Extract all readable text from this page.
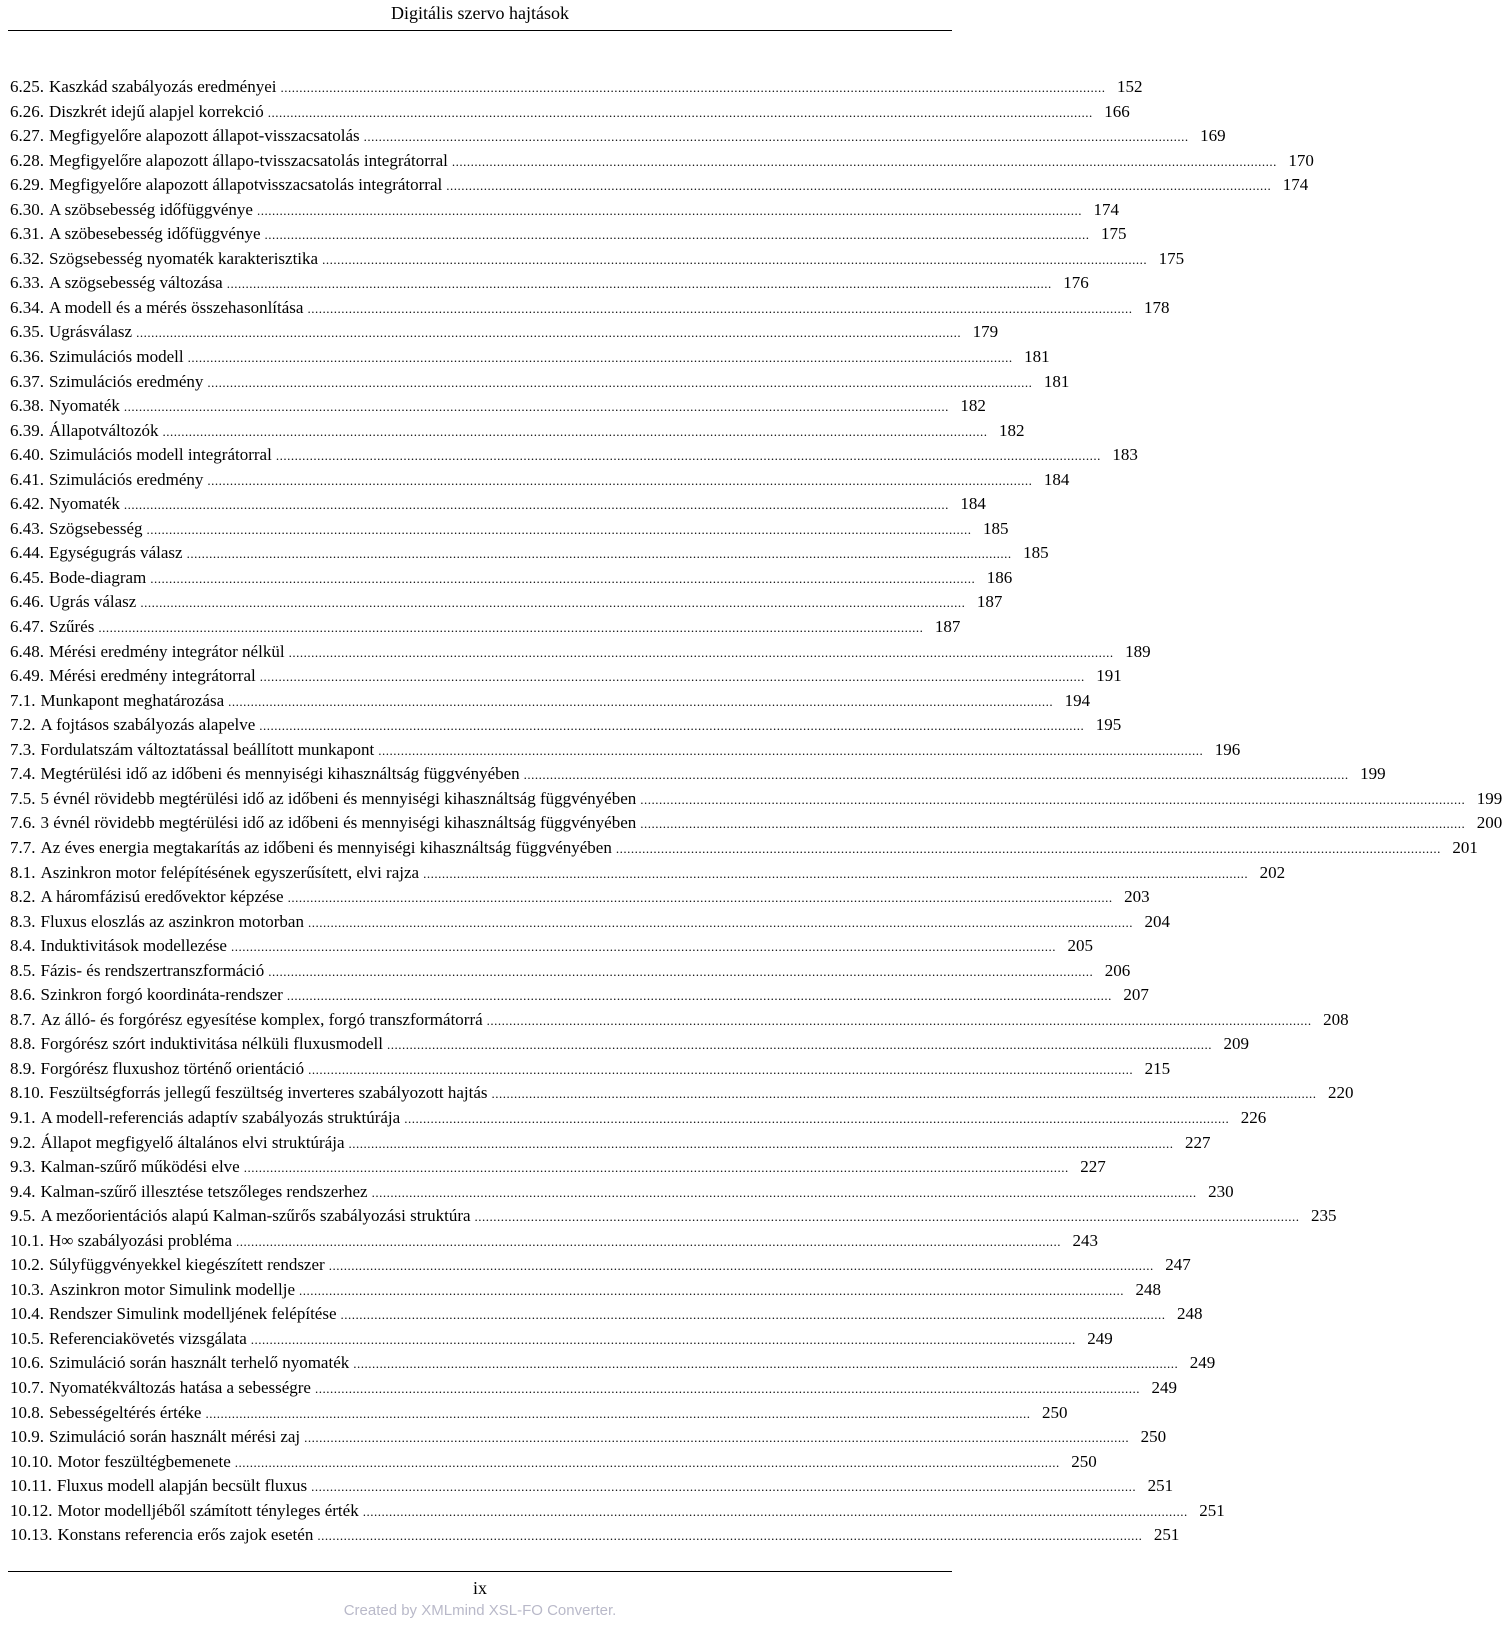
Digitális szervo hajtások
6.25. Kaszkád szabályozás eredményei ............................................................................................................................................................................................................................ 152
6.26. Diszkrét idejű alapjel korrekció ............................................................................................................................................................................................................................ 166
6.27. Megfigyelőre alapozott állapot-visszacsatolás ............................................................................................................................................................................................................................ 169
6.28. Megfigyelőre alapozott állapo-tvisszacsatolás integrátorral ............................................................................................................................................................................................................................ 170
6.29. Megfigyelőre alapozott állapotvisszacsatolás integrátorral ............................................................................................................................................................................................................................ 174
6.30. A szöbsebesség időfüggvénye ............................................................................................................................................................................................................................ 174
6.31. A szöbesebesség időfüggvénye ............................................................................................................................................................................................................................ 175
6.32. Szögsebesség nyomaték karakterisztika ............................................................................................................................................................................................................................ 175
6.33. A szögsebesség változása ............................................................................................................................................................................................................................ 176
6.34. A modell és a mérés összehasonlítása ............................................................................................................................................................................................................................ 178
6.35. Ugrásválasz ............................................................................................................................................................................................................................ 179
6.36. Szimulációs modell ............................................................................................................................................................................................................................ 181
6.37. Szimulációs eredmény ............................................................................................................................................................................................................................ 181
6.38. Nyomaték ............................................................................................................................................................................................................................ 182
6.39. Állapotváltozók ............................................................................................................................................................................................................................ 182
6.40. Szimulációs modell integrátorral ............................................................................................................................................................................................................................ 183
6.41. Szimulációs eredmény ............................................................................................................................................................................................................................ 184
6.42. Nyomaték ............................................................................................................................................................................................................................ 184
6.43. Szögsebesség ............................................................................................................................................................................................................................ 185
6.44. Egységugrás válasz ............................................................................................................................................................................................................................ 185
6.45. Bode-diagram ............................................................................................................................................................................................................................ 186
6.46. Ugrás válasz ............................................................................................................................................................................................................................ 187
6.47. Szűrés ............................................................................................................................................................................................................................ 187
6.48. Mérési eredmény integrátor nélkül ............................................................................................................................................................................................................................ 189
6.49. Mérési eredmény integrátorral ............................................................................................................................................................................................................................ 191
7.1. Munkapont meghatározása ............................................................................................................................................................................................................................ 194
7.2. A fojtásos szabályozás alapelve ............................................................................................................................................................................................................................ 195
7.3. Fordulatszám változtatással beállított munkapont ............................................................................................................................................................................................................................ 196
7.4. Megtérülési idő az időbeni és mennyiségi kihasználtság függvényében ............................................................................................................................................................................................................................ 199
7.5. 5 évnél rövidebb megtérülési idő az időbeni és mennyiségi kihasználtság függvényében ............................................................................................................................................................................................................................ 199
7.6. 3 évnél rövidebb megtérülési idő az időbeni és mennyiségi kihasználtság függvényében ............................................................................................................................................................................................................................ 200
7.7. Az éves energia megtakarítás az időbeni és mennyiségi kihasználtság függvényében ............................................................................................................................................................................................................................ 201
8.1. Aszinkron motor felépítésének egyszerűsített, elvi rajza ............................................................................................................................................................................................................................ 202
8.2. A háromfázisú eredővektor képzése ............................................................................................................................................................................................................................ 203
8.3. Fluxus eloszlás az aszinkron motorban ............................................................................................................................................................................................................................ 204
8.4. Induktivitások modellezése ............................................................................................................................................................................................................................ 205
8.5. Fázis- és rendszertranszformáció ............................................................................................................................................................................................................................ 206
8.6. Szinkron forgó koordináta-rendszer ............................................................................................................................................................................................................................ 207
8.7. Az álló- és forgórész egyesítése komplex, forgó transzformátorrá ............................................................................................................................................................................................................................ 208
8.8. Forgórész szórt induktivitása nélküli fluxusmodell ............................................................................................................................................................................................................................ 209
8.9. Forgórész fluxushoz történő orientáció ............................................................................................................................................................................................................................ 215
8.10. Feszültségforrás jellegű feszültség inverteres szabályozott hajtás ............................................................................................................................................................................................................................ 220
9.1. A modell-referenciás adaptív szabályozás struktúrája ............................................................................................................................................................................................................................ 226
9.2. Állapot megfigyelő általános elvi struktúrája ............................................................................................................................................................................................................................ 227
9.3. Kalman-szűrő működési elve ............................................................................................................................................................................................................................ 227
9.4. Kalman-szűrő illesztése tetszőleges rendszerhez ............................................................................................................................................................................................................................ 230
9.5. A mezőorientációs alapú Kalman-szűrős szabályozási struktúra ............................................................................................................................................................................................................................ 235
10.1. H∞ szabályozási probléma ............................................................................................................................................................................................................................ 243
10.2. Súlyfüggvényekkel kiegészített rendszer ............................................................................................................................................................................................................................ 247
10.3. Aszinkron motor Simulink modellje ............................................................................................................................................................................................................................ 248
10.4. Rendszer Simulink modelljének felépítése ............................................................................................................................................................................................................................ 248
10.5. Referenciakövetés vizsgálata ............................................................................................................................................................................................................................ 249
10.6. Szimuláció során használt terhelő nyomaték ............................................................................................................................................................................................................................ 249
10.7. Nyomatékváltozás hatása a sebességre ............................................................................................................................................................................................................................ 249
10.8. Sebességeltérés értéke ............................................................................................................................................................................................................................ 250
10.9. Szimuláció során használt mérési zaj ............................................................................................................................................................................................................................ 250
10.10. Motor feszültégbemenete ............................................................................................................................................................................................................................ 250
10.11. Fluxus modell alapján becsült fluxus ............................................................................................................................................................................................................................ 251
10.12. Motor modelljéből számított tényleges érték ............................................................................................................................................................................................................................ 251
10.13. Konstans referencia erős zajok esetén ............................................................................................................................................................................................................................ 251
ix
Created by XMLmind XSL-FO Converter.
